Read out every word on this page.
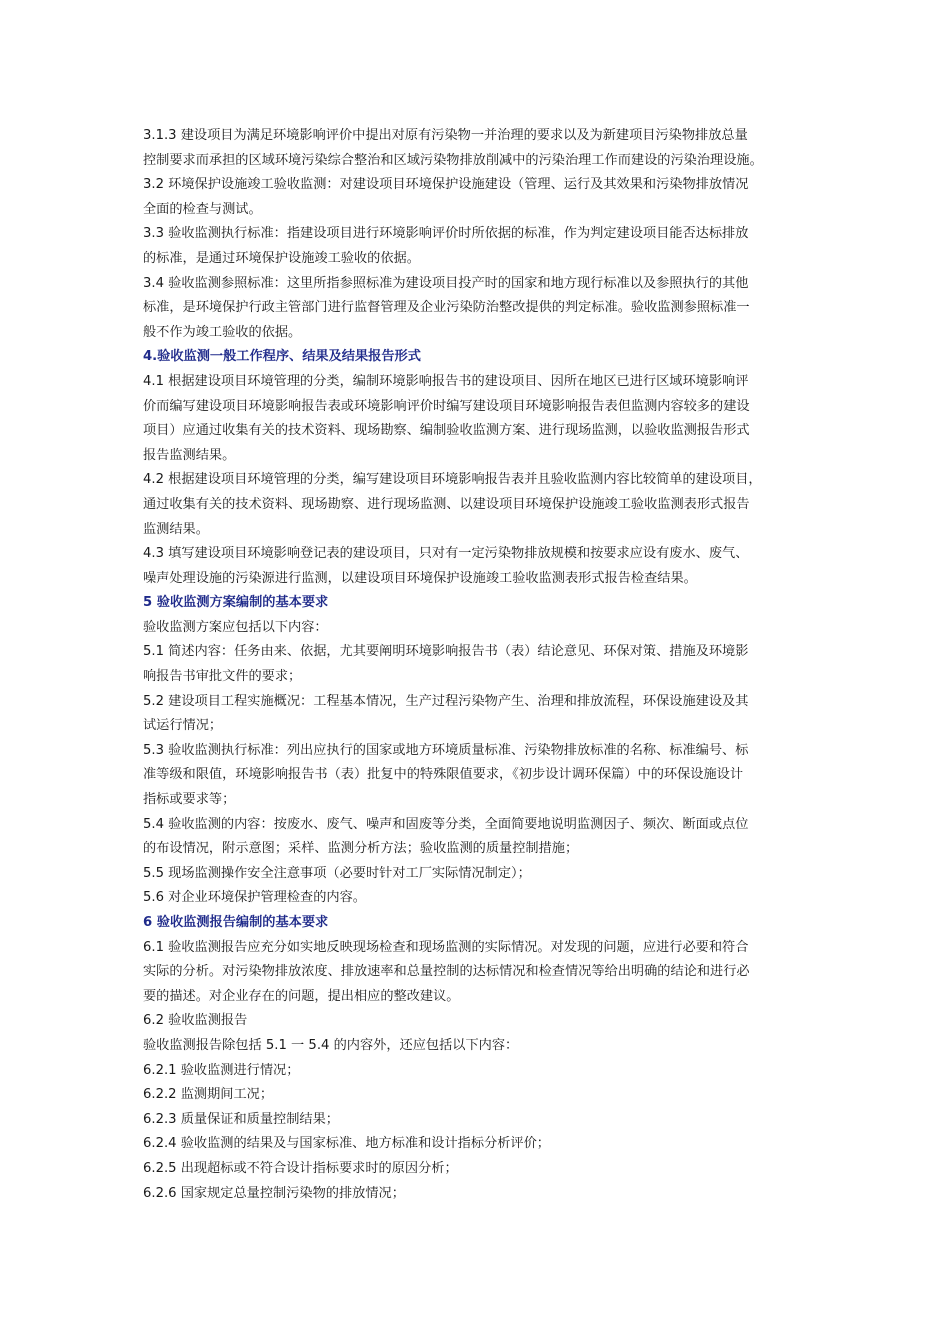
3.1.3 建设项目为满足环境影响评价中提出对原有污染物一并治理的要求以及为新建项目污染物排放总量
控制要求而承担的区域环境污染综合整治和区域污染物排放削减中的污染治理工作而建设的污染治理设施。

3.2 环境保护设施竣工验收监测：对建设项目环境保护设施建设（管理、运行及其效果和污染物排放情况
全面的检查与测试。

3.3 验收监测执行标准：指建设项目进行环境影响评价时所依据的标准，作为判定建设项目能否达标排放
的标准，是通过环境保护设施竣工验收的依据。

3.4 验收监测参照标准：这里所指参照标准为建设项目投产时的国家和地方现行标准以及参照执行的其他
标准，是环境保护行政主管部门进行监督管理及企业污染防治整改提供的判定标准。验收监测参照标准一
般不作为竣工验收的依据。

4.验收监测一般工作程序、结果及结果报告形式

4.1 根据建设项目环境管理的分类，编制环境影响报告书的建设项目、因所在地区已进行区域环境影响评
价而编写建设项目环境影响报告表或环境影响评价时编写建设项目环境影响报告表但监测内容较多的建设
项目）应通过收集有关的技术资料、现场勘察、编制验收监测方案、进行现场监测，以验收监测报告形式
报告监测结果。

4.2 根据建设项目环境管理的分类，编写建设项目环境影响报告表并且验收监测内容比较简单的建设项目，
通过收集有关的技术资料、现场勘察、进行现场监测、以建设项目环境保护设施竣工验收监测表形式报告
监测结果。

4.3 填写建设项目环境影响登记表的建设项目，只对有一定污染物排放规模和按要求应设有废水、废气、
噪声处理设施的污染源进行监测，以建设项目环境保护设施竣工验收监测表形式报告检查结果。

5 验收监测方案编制的基本要求

验收监测方案应包括以下内容：

5.1 简述内容：任务由来、依据，尤其要阐明环境影响报告书（表）结论意见、环保对策、措施及环境影
响报告书审批文件的要求；

5.2 建设项目工程实施概况：工程基本情况，生产过程污染物产生、治理和排放流程，环保设施建设及其
试运行情况；

5.3 验收监测执行标准：列出应执行的国家或地方环境质量标准、污染物排放标准的名称、标准编号、标
准等级和限值，环境影响报告书（表）批复中的特殊限值要求，《初步设计调环保篇）中的环保设施设计
指标或要求等；

5.4 验收监测的内容：按废水、废气、噪声和固废等分类，全面简要地说明监测因子、频次、断面或点位
的布设情况，附示意图；采样、监测分析方法；验收监测的质量控制措施；

5.5 现场监测操作安全注意事项（必要时针对工厂实际情况制定）；

5.6 对企业环境保护管理检查的内容。

6 验收监测报告编制的基本要求

6.1 验收监测报告应充分如实地反映现场检查和现场监测的实际情况。对发现的问题，应进行必要和符合
实际的分析。对污染物排放浓度、排放速率和总量控制的达标情况和检查情况等给出明确的结论和进行必
要的描述。对企业存在的问题，提出相应的整改建议。

6.2 验收监测报告

验收监测报告除包括 5.1 一 5.4 的内容外，还应包括以下内容：

6.2.1 验收监测进行情况；

6.2.2 监测期间工况；

6.2.3 质量保证和质量控制结果；

6.2.4 验收监测的结果及与国家标准、地方标准和设计指标分析评价；

6.2.5 出现超标或不符合设计指标要求时的原因分析；

6.2.6 国家规定总量控制污染物的排放情况；
